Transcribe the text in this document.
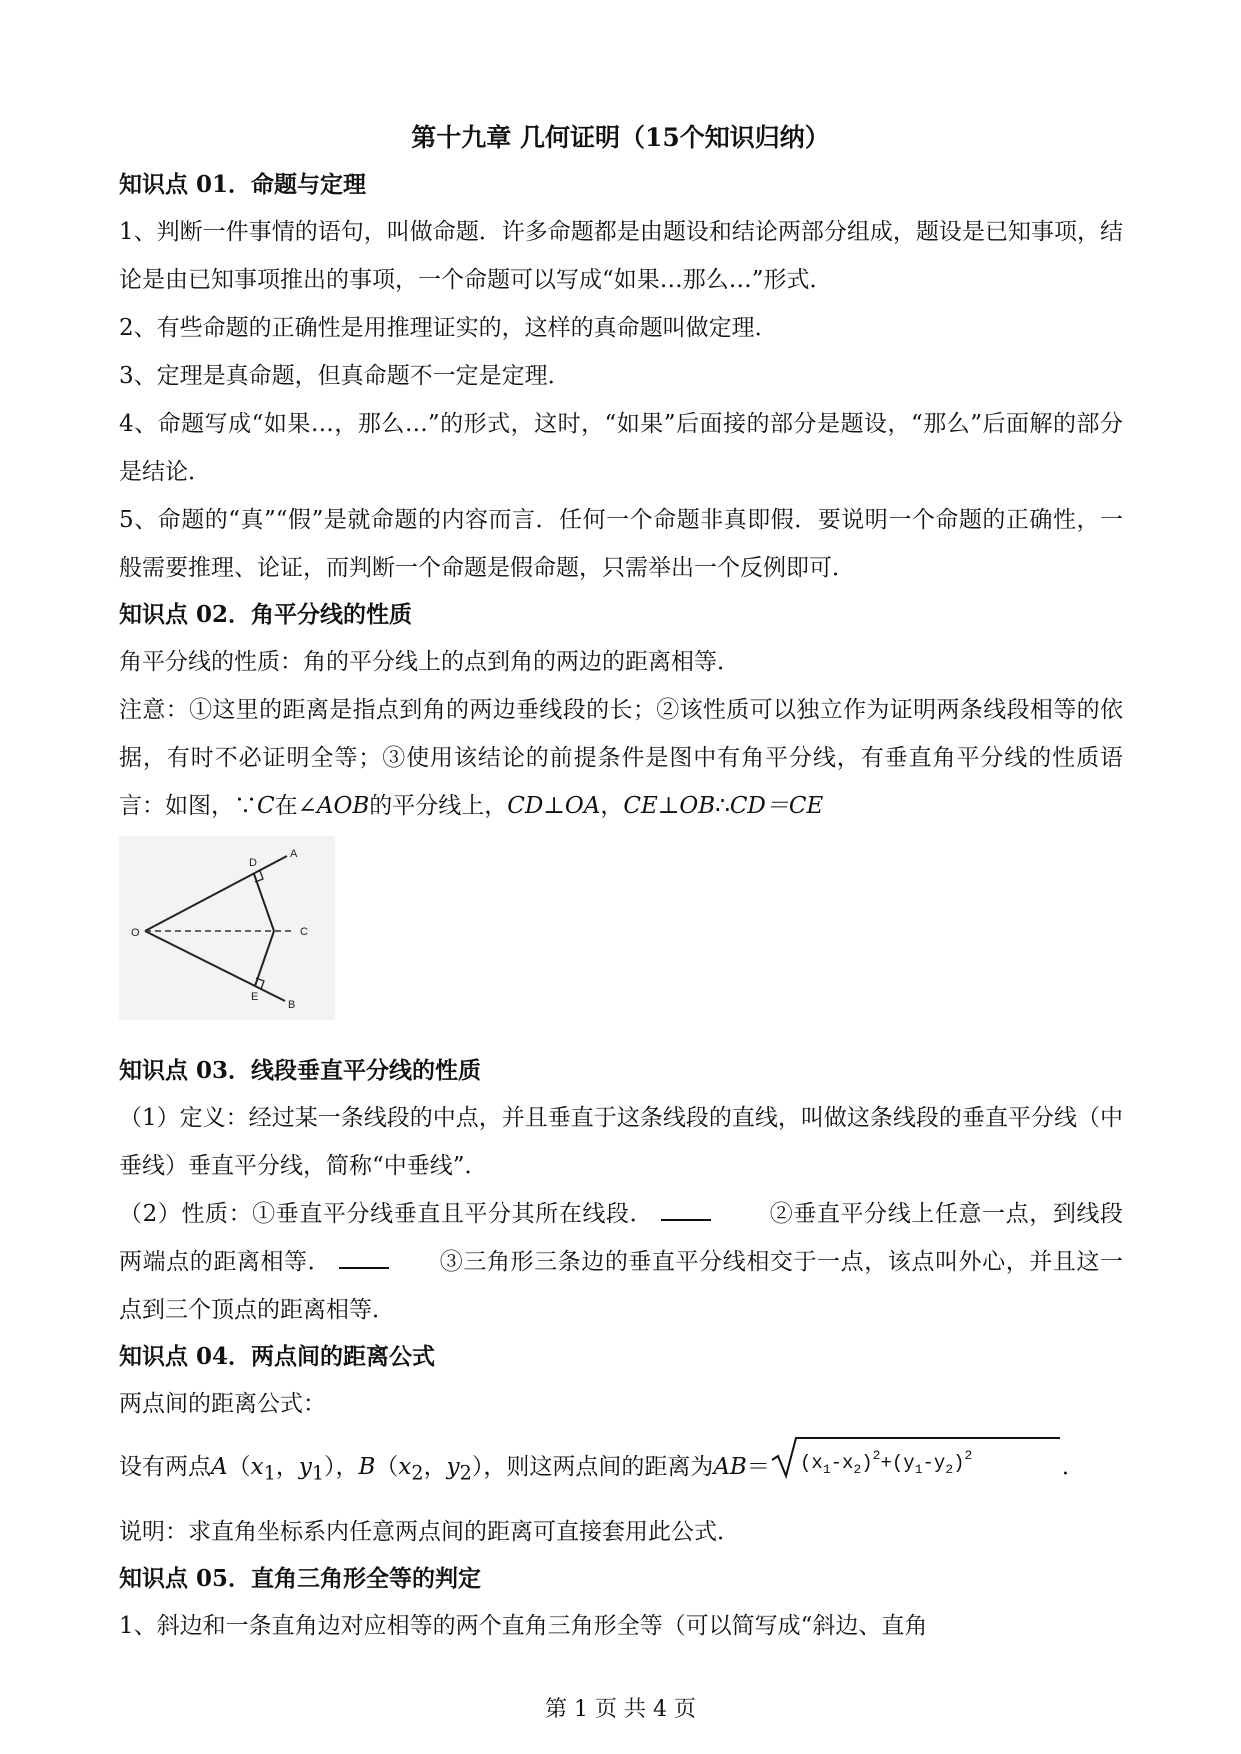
第十九章 几何证明（15个知识归纳）

知识点 01．命题与定理

1、判断一件事情的语句，叫做命题．许多命题都是由题设和结论两部分组成，题设是已知事项，结论是由已知事项推出的事项，一个命题可以写成“如果…那么…”形式．

2、有些命题的正确性是用推理证实的，这样的真命题叫做定理．

3、定理是真命题，但真命题不一定是定理．

4、命题写成“如果…，那么…”的形式，这时，“如果”后面接的部分是题设，“那么”后面解的部分是结论．

5、命题的“真”“假”是就命题的内容而言．任何一个命题非真即假．要说明一个命题的正确性，一般需要推理、论证，而判断一个命题是假命题，只需举出一个反例即可．

知识点 02．角平分线的性质

角平分线的性质：角的平分线上的点到角的两边的距离相等．

注意：①这里的距离是指点到角的两边垂线段的长；②该性质可以独立作为证明两条线段相等的依据，有时不必证明全等；③使用该结论的前提条件是图中有角平分线，有垂直角平分线的性质语言：如图，∵C在∠AOB的平分线上，CD⊥OA，CE⊥OB∴CD＝CE

O
A
B
C
D
E

知识点 03．线段垂直平分线的性质

（1）定义：经过某一条线段的中点，并且垂直于这条线段的直线，叫做这条线段的垂直平分线（中垂线）垂直平分线，简称“中垂线”．

（2）性质：①垂直平分线垂直且平分其所在线段．	②垂直平分线上任意一点，到线段两端点的距离相等．	③三角形三条边的垂直平分线相交于一点，该点叫外心，并且这一点到三个顶点的距离相等．

知识点 04．两点间的距离公式

两点间的距离公式：

设有两点$A(x_1$，$y_1$），$B(x_2$，$y_2$），则这两点间的距离为$AB= (x_1-x_2)^2+(y_1-y_2)^2$	．

说明：求直角坐标系内任意两点间的距离可直接套用此公式．

知识点 05．直角三角形全等的判定

1、斜边和一条直角边对应相等的两个直角三角形全等（可以简写成“斜边、直角

第 1 页 共 4 页
